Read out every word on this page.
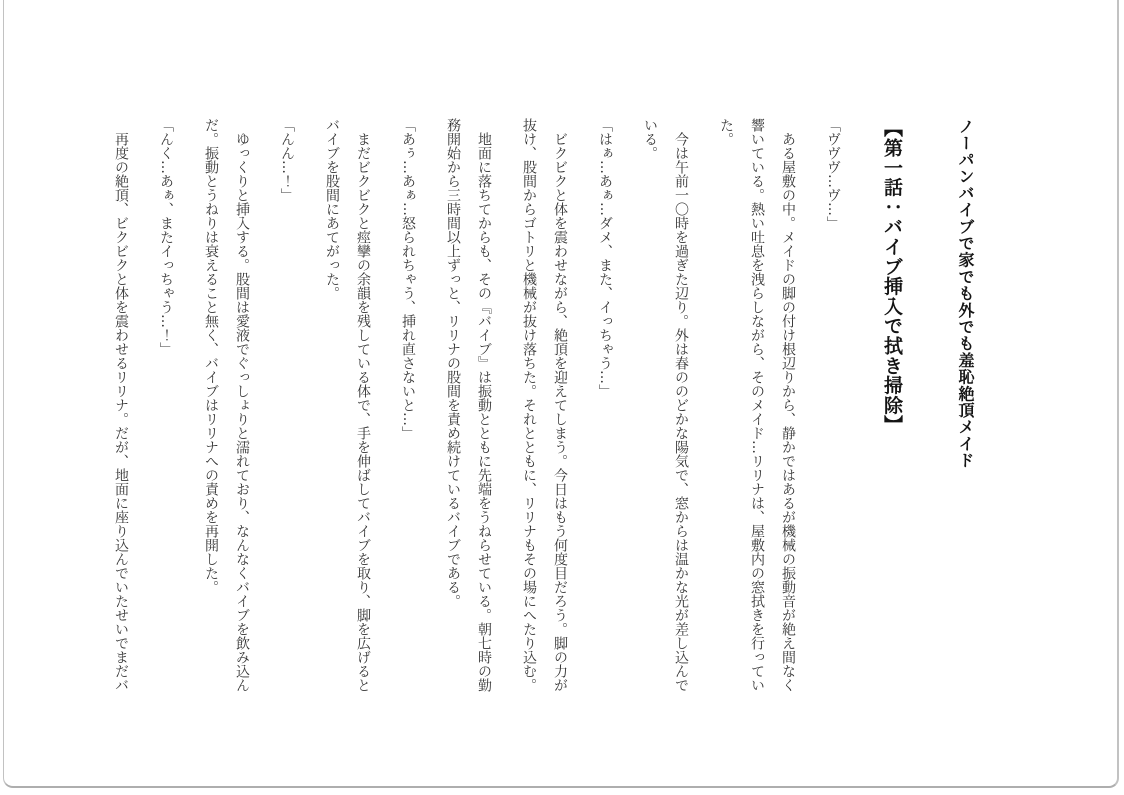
ノーパンバイブで家でも外でも羞恥絶頂メイド
【第一話：バイブ挿入で拭き掃除】

「ヴヴヴ…ヴ…」

　ある屋敷の中。メイドの脚の付け根辺りから、静かではあるが機械の振動音が絶え間なく響いている。熱い吐息を洩らしながら、そのメイド…リリナは、屋敷内の窓拭きを行っていた。

　今は午前一〇時を過ぎた辺り。外は春ののどかな陽気で、窓からは温かな光が差し込んでいる。

「はぁ…あぁ…ダメ、また、イっちゃう…」

　ビクビクと体を震わせながら、絶頂を迎えてしまう。今日はもう何度目だろう。脚の力が抜け、股間からゴトリと機械が抜け落ちた。それとともに、リリナもその場にへたり込む。

　地面に落ちてからも、その『バイブ』は振動とともに先端をうねらせている。朝七時の勤務開始から三時間以上ずっと、リリナの股間を責め続けているバイブである。

「あぅ…あぁ…怒られちゃう、挿れ直さないと…」

　まだビクビクと痙攣の余韻を残している体で、手を伸ばしてバイブを取り、脚を広げるとバイブを股間にあてがった。

「んん…！」

　ゆっくりと挿入する。股間は愛液でぐっしょりと濡れており、なんなくバイブを飲み込んだ。振動とうねりは衰えること無く、バイブはリリナへの責めを再開した。

「んく…あぁ、またイっちゃう…！」

　再度の絶頂、ビクビクと体を震わせるリリナ。だが、地面に座り込んでいたせいでまだバ
